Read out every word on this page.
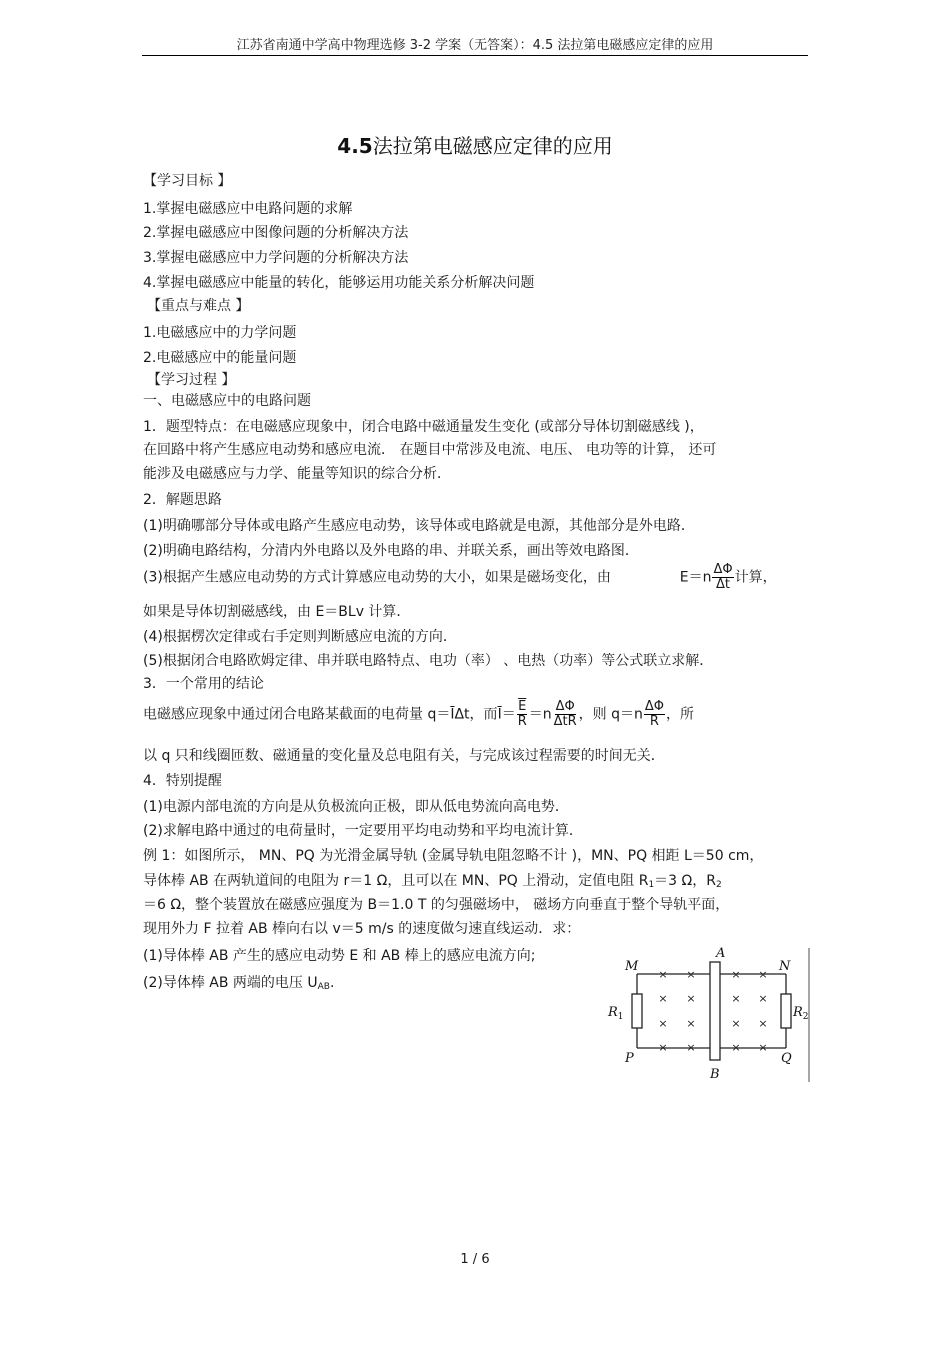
江苏省南通中学高中物理选修 3-2 学案（无答案）：4.5 法拉第电磁感应定律的应用
4.5法拉第电磁感应定律的应用
【学习目标 】
1.掌握电磁感应中电路问题的求解
2.掌握电磁感应中图像问题的分析解决方法
3.掌握电磁感应中力学问题的分析解决方法
4.掌握电磁感应中能量的转化，能够运用功能关系分析解决问题
【重点与难点 】
1.电磁感应中的力学问题
2.电磁感应中的能量问题
【学习过程 】
一、电磁感应中的电路问题
1．题型特点：在电磁感应现象中，闭合电路中磁通量发生变化 (或部分导体切割磁感线 )，
在回路中将产生感应电动势和感应电流． 在题目中常涉及电流、电压、 电功等的计算， 还可
能涉及电磁感应与力学、能量等知识的综合分析．
2．解题思路
(1)明确哪部分导体或电路产生感应电动势，该导体或电路就是电源，其他部分是外电路．
(2)明确电路结构，分清内外电路以及外电路的串、并联关系，画出等效电路图．
(3)根据产生感应电动势的方式计算感应电动势的大小，如果是磁场变化，由	$E=n \frac{\Delta\Phi}{\Delta t}$ 计算，
如果是导体切割磁感线，由 E＝BLv 计算．
(4)根据楞次定律或右手定则判断感应电流的方向．
(5)根据闭合电路欧姆定律、串并联电路特点、电功（率） 、电热（功率）等公式联立求解．
3．一个常用的结论
电磁感应现象中通过闭合电路某截面的电荷量 $q=\overline{I}\Delta t$，而$\overline{I}= \frac{\overline{E}}{R} =n \frac{\Delta\Phi}{\text{ΔtR}}$ ，则 $q=n \frac{\Delta\Phi}{R}$ ，所
以 q 只和线圈匝数、磁通量的变化量及总电阻有关，与完成该过程需要的时间无关．
4．特别提醒
(1)电源内部电流的方向是从负极流向正极，即从低电势流向高电势．
(2)求解电路中通过的电荷量时，一定要用平均电动势和平均电流计算．
例 1：如图所示， MN、PQ 为光滑金属导轨 (金属导轨电阻忽略不计 )，MN、PQ 相距 L＝50 cm，
导体棒 AB 在两轨道间的电阻为 r＝1 Ω，且可以在 MN、PQ 上滑动，定值电阻 $R_1=3$ Ω，$R_2$
＝6 Ω，整个装置放在磁感应强度为 B＝1.0 T 的匀强磁场中， 磁场方向垂直于整个导轨平面，
现用外力 F 拉着 AB 棒向右以 v＝5 m/s 的速度做匀速直线运动．求：
(1)导体棒 AB 产生的感应电动势 E 和 AB 棒上的感应电流方向;
(2)导体棒 AB 两端的电压 $U_{AB}$.
M	N
P	Q
A
B
$R_1$	$R_2$
× ×	× ×
× ×	× ×
× ×	× ×
× ×	× ×
1 / 6
